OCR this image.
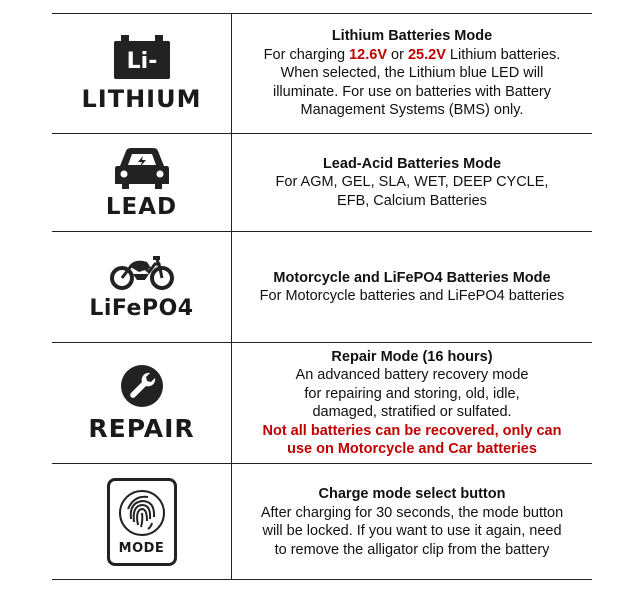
Li-
LITHIUM
Lithium Batteries Mode
For charging 12.6V or 25.2V Lithium batteries.
When selected, the Lithium blue LED will
illuminate. For use on batteries with Battery
Management Systems (BMS) only.
LEAD
Lead-Acid Batteries Mode
For AGM, GEL, SLA, WET, DEEP CYCLE,
EFB, Calcium Batteries
LiFePO4
Motorcycle and LiFePO4 Batteries Mode
For Motorcycle batteries and LiFePO4 batteries
REPAIR
Repair Mode (16 hours)
An advanced battery recovery mode
for repairing and storing, old, idle,
damaged, stratified or sulfated.
Not all batteries can be recovered, only can
use on Motorcycle and Car batteries
MODE
Charge mode select button
After charging for 30 seconds, the mode button
will be locked. If you want to use it again, need
to remove the alligator clip from the battery
